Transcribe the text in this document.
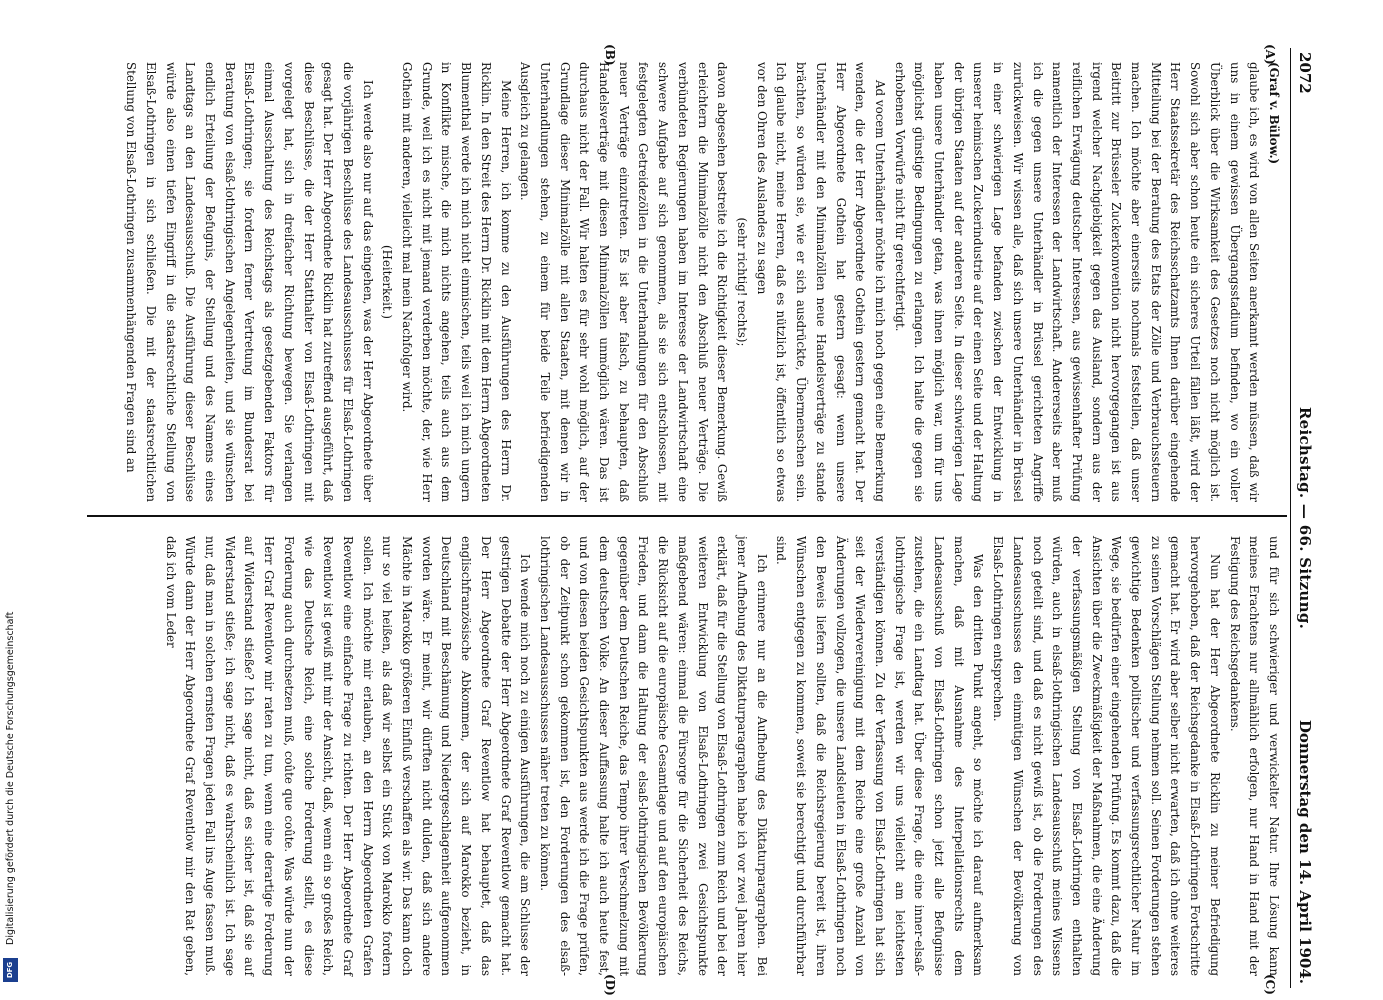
Digitalisierung gefördert durch die Deutsche Forschungsgemeinschaft
DFG
2072
Reichstag. — 66. Sitzung.
Donnerstag den 14. April 1904.
(A)
(B)
(C)
(D)
(Graf v. Bülow.)

glaube ich, es wird von allen Seiten anerkannt werden müssen, daß wir uns in einem gewissen Übergangsstadium befinden, wo ein voller Überblick über die Wirksamkeit des Gesetzes noch nicht möglich ist. Sowohl sich aber schon heute ein sicheres Urteil fällen läßt, wird der Herr Staatssekretär des Reichsschatzamts Ihnen darüber eingehende Mitteilung bei der Beratung des Etats der Zölle und Verbrauchssteuern machen. Ich möchte aber einerseits nochmals feststellen, daß unser Beitritt zur Brüsseler Zuckerkonvention nicht hervorgegangen ist aus irgend welcher Nachgiebigkeit gegen das Ausland, sondern aus der reiflichen Erwägung deutscher Interessen, aus gewissenhafter Prüfung namentlich der Interessen der Landwirtschaft. Andererseits aber muß ich die gegen unsere Unterhändler in Brüssel gerichteten Angriffe zurückweisen. Wir wissen alle, daß sich unsere Unterhändler in Brüssel in einer schwierigen Lage befanden zwischen der Entwicklung in unserer heimischen Zuckerindustrie auf der einen Seite und der Haltung der übrigen Staaten auf der anderen Seite. In dieser schwierigen Lage haben unsere Unterhändler getan, was ihnen möglich war, um für uns möglichst günstige Bedingungen zu erlangen. Ich halte die gegen sie erhobenen Vorwürfe nicht für gerechtfertigt.

Ad vocem Unterhändler möchte ich mich noch gegen eine Bemerkung wenden, die der Herr Abgeordnete Gothein gestern gemacht hat. Der Herr Abgeordnete Gothein hat gestern gesagt: wenn unsere Unterhändler mit den Minimalzöllen neue Handelsverträge zu stande brächten, so würden sie, wie er sich ausdrückte, Übermenschen sein. Ich glaube nicht, meine Herren, daß es nützlich ist, öffentlich so etwas vor den Ohren des Auslandes zu sagen

(sehr richtig! rechts);

davon abgesehen bestreite ich die Richtigkeit dieser Bemerkung. Gewiß erleichtern die Minimalzölle nicht den Abschluß neuer Verträge. Die verbündeten Regierungen haben im Interesse der Landwirtschaft eine schwere Aufgabe auf sich genommen, als sie sich entschlossen, mit festgelegten Getreidezöllen in die Unterhandlungen für den Abschluß neuer Verträge einzutreten. Es ist aber falsch, zu behaupten, daß Handelsverträge mit diesen Minimalzöllen unmöglich wären. Das ist durchaus nicht der Fall. Wir halten es für sehr wohl möglich, auf der Grundlage dieser Minimalzölle mit allen Staaten, mit denen wir in Unterhandlungen stehen, zu einem für beide Teile befriedigenden Ausgleich zu gelangen.

Meine Herren, ich komme zu den Ausführungen des Herrn Dr. Ricklin. In den Streit des Herrn Dr. Ricklin mit dem Herrn Abgeordneten Blumenthal werde ich mich nicht einmischen, teils weil ich mich ungern in Konflikte mische, die mich nichts angehen, teils auch aus dem Grunde, weil ich es nicht mit jemand verderben möchte, der, wie Herr Gothein mit anderen, vielleicht mal mein Nachfolger wird.

(Heiterkeit.)

Ich werde also nur auf das eingehen, was der Herr Abgeordnete über die vorjährigen Beschlüsse des Landesausschusses für Elsaß-Lothringen gesagt hat. Der Herr Abgeordnete Ricklin hat zutreffend ausgeführt, daß diese Beschlüsse, die der Herr Statthalter von Elsaß-Lothringen mit vorgelegt hat, sich in dreifacher Richtung bewegen. Sie verlangen einmal Ausschaltung des Reichstags als gesetzgebenden Faktors für Elsaß-Lothringen; sie fordern ferner Vertretung im Bundesrat bei Beratung von elsaß-lothringischen Angelegenheiten, und sie wünschen endlich Erteilung der Befugnis, der Stellung und des Namens eines Landtags an den Landesausschuß. Die Ausführung dieser Beschlüsse würde also einen tiefen Eingriff in die staatsrechtliche Stellung von Elsaß-Lothringen in sich schließen. Die mit der staatsrechtlichen Stellung von Elsaß-Lothringen zusammenhängenden Fragen sind an

und für sich schwieriger und verwickelter Natur. Ihre Lösung kann meines Erachtens nur allmählich erfolgen, nur Hand in Hand mit der Festigung des Reichsgedankens.

Nun hat der Herr Abgeordnete Ricklin zu meiner Befriedigung hervorgehoben, daß der Reichsgedanke in Elsaß-Lothringen Fortschritte gemacht hat. Er wird aber selber nicht erwarten, daß ich ohne weiteres zu seinen Vorschlägen Stellung nehmen soll. Seinen Forderungen stehen gewichtige Bedenken politischer und verfassungsrechtlicher Natur im Wege, sie bedürfen einer eingehenden Prüfung. Es kommt dazu, daß die Ansichten über die Zweckmäßigkeit der Maßnahmen, die eine Änderung der verfassungsmäßigen Stellung von Elsaß-Lothringen enthalten würden, auch in elsaß-lothringischen Landesausschuß meines Wissens noch geteilt sind, und daß es nicht gewiß ist, ob die Forderungen des Landesausschusses den einmütigen Wünschen der Bevölkerung von Elsaß-Lothringen entsprechen.

Was den dritten Punkt angeht, so möchte ich darauf aufmerksam machen, daß mit Ausnahme des Interpellationsrechts dem Landesausschuß von Elsaß-Lothringen schon jetzt alle Befugnisse zustehen, die ein Landtag hat. Über diese Frage, die eine inner-elsaß-lothringische Frage ist, werden wir uns vielleicht am leichtesten verständigen können. Zu der Verfassung von Elsaß-Lothringen hat sich seit der Wiedervereinigung mit dem Reiche eine große Anzahl von Änderungen vollzogen, die unsere Landsleuten in Elsaß-Lothringen noch den Beweis liefern sollten, daß die Reichsregierung bereit ist, ihren Wünschen entgegen zu kommen, soweit sie berechtigt und durchführbar sind.

Ich erinnere nur an die Aufhebung des Diktaturparagraphen. Bei jener Aufhebung des Diktaturparagraphen habe ich vor zwei Jahren hier erklärt, daß für die Stellung von Elsaß-Lothringen zum Reich und bei der weiteren Entwicklung von Elsaß-Lothringen zwei Gesichtspunkte maßgebend wären: einmal die Fürsorge für die Sicherheit des Reichs, die Rücksicht auf die europäische Gesamtlage und auf den europäischen Frieden, und dann die Haltung der elsaß-lothringischen Bevölkerung gegenüber dem Deutschen Reiche, das Tempo ihrer Verschmelzung mit dem deutschen Volke. An dieser Auffassung halte ich auch heute fest, und von diesen beiden Gesichtspunkten aus werde ich die Frage prüfen, ob der Zeitpunkt schon gekommen ist, den Forderungen des elsaß-lothringischen Landesausschusses näher treten zu können.

Ich wende mich noch zu einigen Ausführungen, die am Schlusse der gestrigen Debatte der Herr Abgeordnete Graf Reventlow gemacht hat. Der Herr Abgeordnete Graf Reventlow hat behauptet, daß das englischfranzösische Abkommen, der sich auf Marokko bezieht, in Deutschland mit Beschämung und Niedergeschlagenheit aufgenommen worden wäre. Er meint, wir dürften nicht dulden, daß sich andere Mächte in Marokko größeren Einfluß verschaffen als wir. Das kann doch nur so viel heißen, als daß wir selbst ein Stück von Marokko fordern sollen. Ich möchte mir erlauben, an den Herrn Abgeordneten Grafen Reventlow eine einfache Frage zu richten. Der Herr Abgeordnete Graf Reventlow ist gewiß mit mir der Ansicht, daß, wenn ein so großes Reich, wie das Deutsche Reich, eine solche Forderung stellt, es diese Forderung auch durchsetzen muß, coûte que coûte. Was würde nun der Herr Graf Reventlow mir raten zu tun, wenn eine derartige Forderung auf Widerstand stieße? Ich sage nicht, daß es sicher ist, daß sie auf Widerstand stieße; ich sage nicht, daß es wahrscheinlich ist. Ich sage nur, daß man in solchen ernsten Fragen jeden Fall ins Auge fassen muß. Würde dann der Herr Abgeordnete Graf Reventlow mir den Rat geben, daß ich vom Leder
